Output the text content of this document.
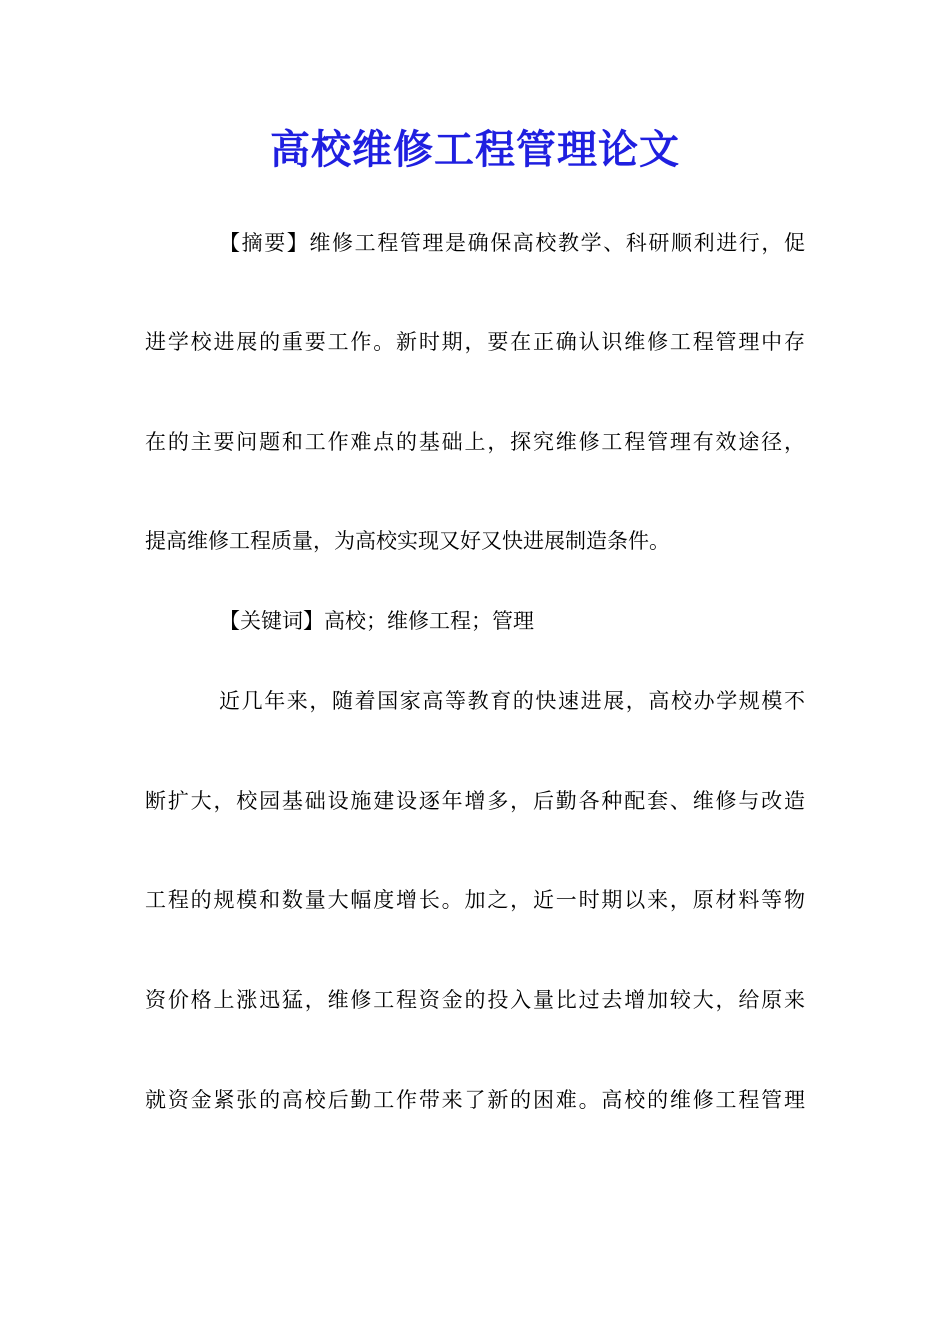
高校维修工程管理论文
【摘要】维修工程管理是确保高校教学、科研顺利进行，促
进学校进展的重要工作。新时期，要在正确认识维修工程管理中存
在的主要问题和工作难点的基础上，探究维修工程管理有效途径，
提高维修工程质量，为高校实现又好又快进展制造条件。
【关键词】高校；维修工程；管理
近几年来，随着国家高等教育的快速进展，高校办学规模不
断扩大，校园基础设施建设逐年增多，后勤各种配套、维修与改造
工程的规模和数量大幅度增长。加之，近一时期以来，原材料等物
资价格上涨迅猛，维修工程资金的投入量比过去增加较大，给原来
就资金紧张的高校后勤工作带来了新的困难。高校的维修工程管理
